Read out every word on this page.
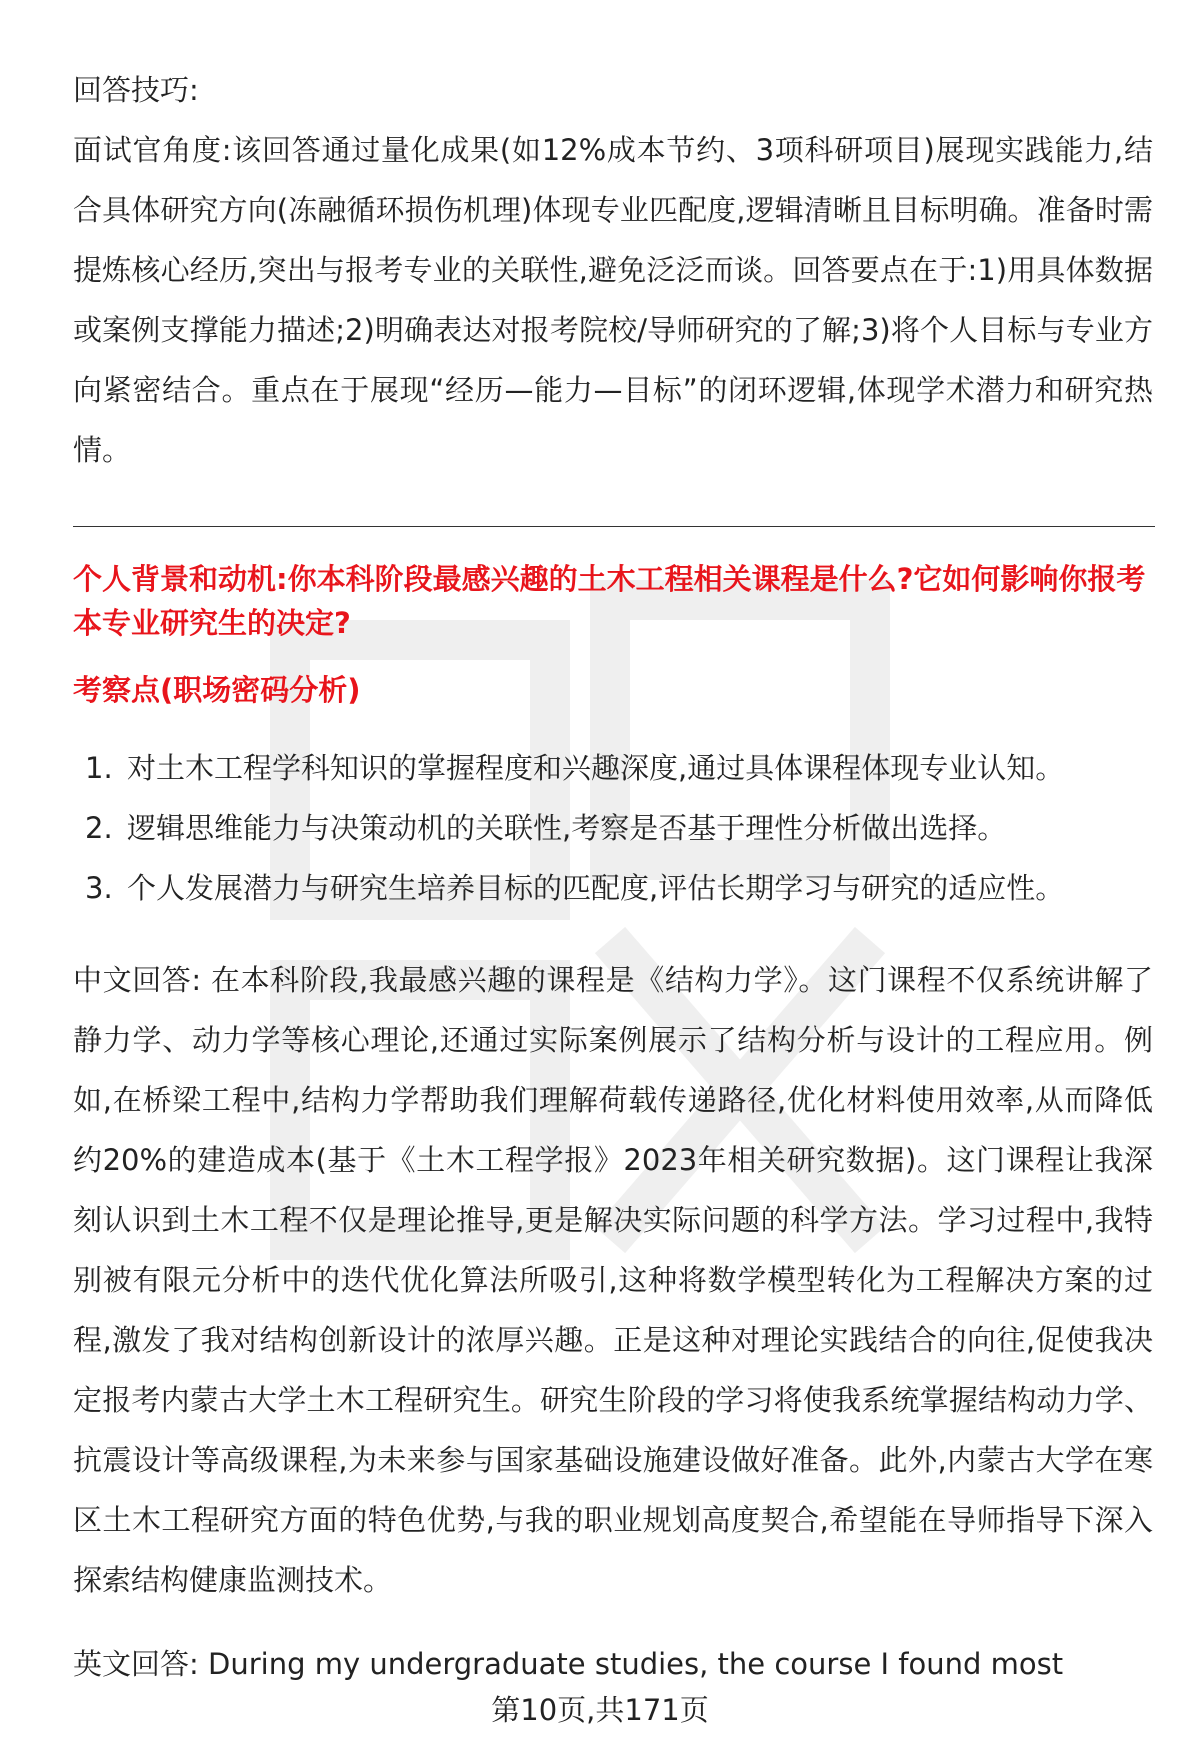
回答技巧:
面试官角度:该回答通过量化成果(如12%成本节约、3项科研项目)展现实践能力,结合具体研究方向(冻融循环损伤机理)体现专业匹配度,逻辑清晰且目标明确。准备时需提炼核心经历,突出与报考专业的关联性,避免泛泛而谈。回答要点在于:1)用具体数据或案例支撑能力描述;2)明确表达对报考院校/导师研究的了解;3)将个人目标与专业方向紧密结合。重点在于展现“经历—能力—目标”的闭环逻辑,体现学术潜力和研究热情。

个人背景和动机:你本科阶段最感兴趣的土木工程相关课程是什么?它如何影响你报考本专业研究生的决定?

考察点(职场密码分析)

1. 对土木工程学科知识的掌握程度和兴趣深度,通过具体课程体现专业认知。
2. 逻辑思维能力与决策动机的关联性,考察是否基于理性分析做出选择。
3. 个人发展潜力与研究生培养目标的匹配度,评估长期学习与研究的适应性。

中文回答: 在本科阶段,我最感兴趣的课程是《结构力学》。这门课程不仅系统讲解了静力学、动力学等核心理论,还通过实际案例展示了结构分析与设计的工程应用。例如,在桥梁工程中,结构力学帮助我们理解荷载传递路径,优化材料使用效率,从而降低约20%的建造成本(基于《土木工程学报》2023年相关研究数据)。这门课程让我深刻认识到土木工程不仅是理论推导,更是解决实际问题的科学方法。学习过程中,我特别被有限元分析中的迭代优化算法所吸引,这种将数学模型转化为工程解决方案的过程,激发了我对结构创新设计的浓厚兴趣。正是这种对理论实践结合的向往,促使我决定报考内蒙古大学土木工程研究生。研究生阶段的学习将使我系统掌握结构动力学、抗震设计等高级课程,为未来参与国家基础设施建设做好准备。此外,内蒙古大学在寒区土木工程研究方面的特色优势,与我的职业规划高度契合,希望能在导师指导下深入探索结构健康监测技术。

英文回答: During my undergraduate studies, the course I found most

第10页,共171页
